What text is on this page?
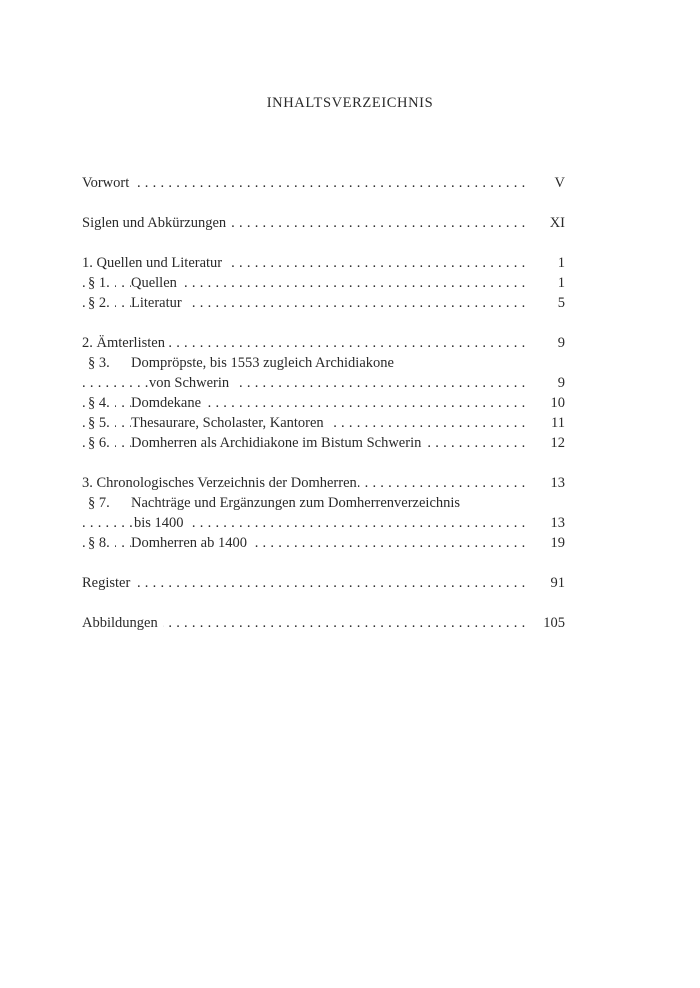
INHALTSVERZEICHNIS
. . .
Vorwort	V
. . .
Siglen und Abkürzungen	XI
. . .
1. Quellen und Literatur	1
. . .
§ 1.	Quellen	1
. . .
§ 2.	Literatur	5
. . .
2. Ämterlisten	9
§ 3.	Dompröpste, bis 1553 zugleich Archidiakone
. . .
von Schwerin	9
. . .
§ 4.	Domdekane	10
. . .
§ 5.	Thesaurare, Scholaster, Kantoren	11
. . .
§ 6.	Domherren als Archidiakone im Bistum Schwerin	12
. . .
3. Chronologisches Verzeichnis der Domherren	13
§ 7.	Nachträge und Ergänzungen zum Domherrenverzeichnis
. . .
bis 1400	13
. . .
§ 8.	Domherren ab 1400	19
. . .
Register	91
. . .
Abbildungen	105
